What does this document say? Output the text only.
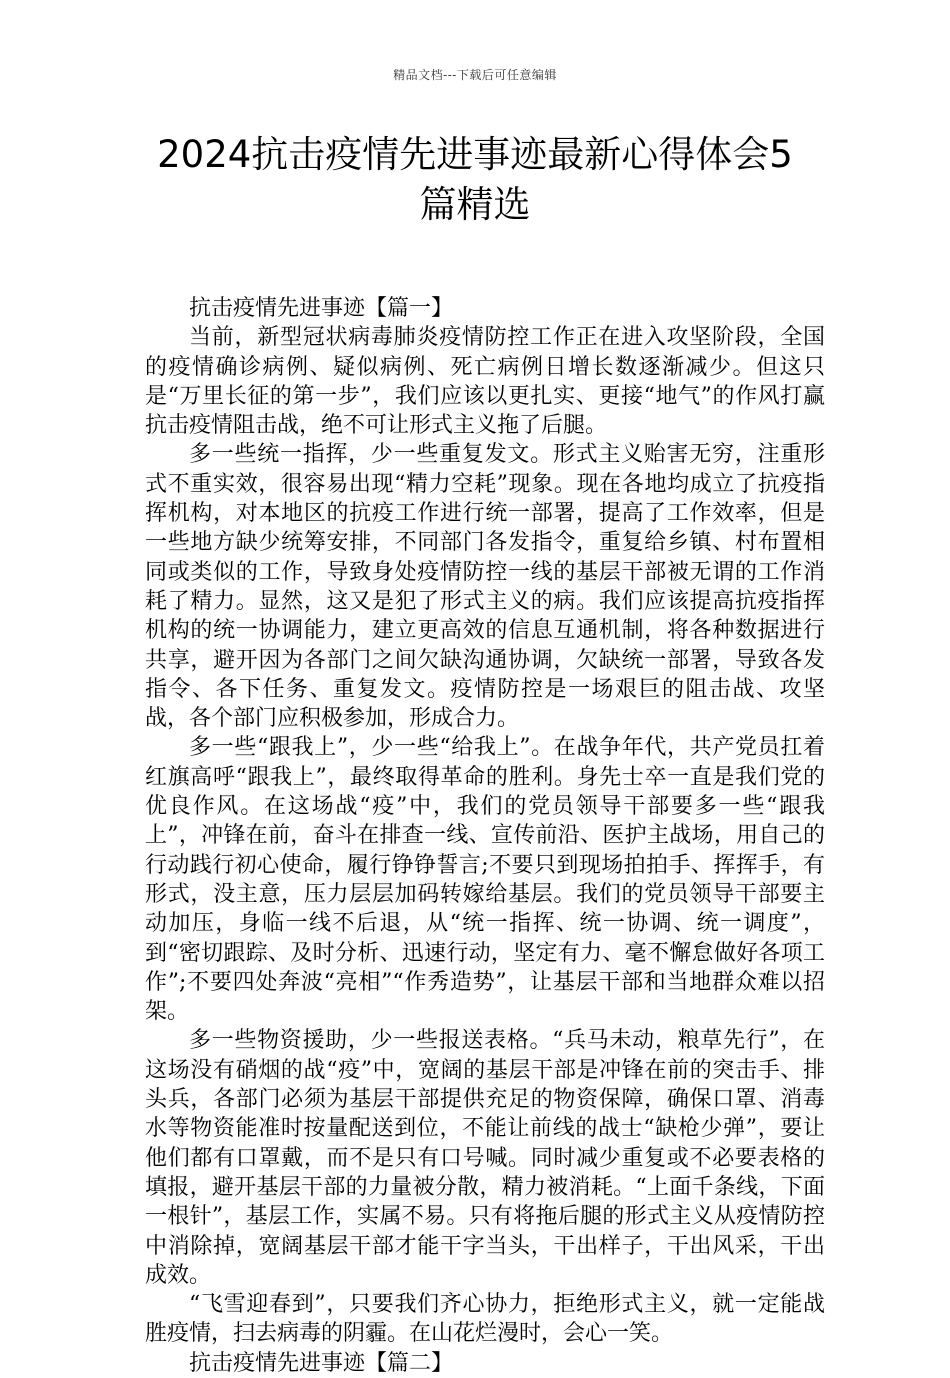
精品文档---下载后可任意编辑
2024抗击疫情先进事迹最新心得体会5篇精选

抗击疫情先进事迹【篇一】

当前，新型冠状病毒肺炎疫情防控工作正在进入攻坚阶段，全国的疫情确诊病例、疑似病例、死亡病例日增长数逐渐减少。但这只是“万里长征的第一步”，我们应该以更扎实、更接“地气”的作风打赢抗击疫情阻击战，绝不可让形式主义拖了后腿。

多一些统一指挥，少一些重复发文。形式主义贻害无穷，注重形式不重实效，很容易出现“精力空耗”现象。现在各地均成立了抗疫指挥机构，对本地区的抗疫工作进行统一部署，提高了工作效率，但是一些地方缺少统筹安排，不同部门各发指令，重复给乡镇、村布置相同或类似的工作，导致身处疫情防控一线的基层干部被无谓的工作消耗了精力。显然，这又是犯了形式主义的病。我们应该提高抗疫指挥机构的统一协调能力，建立更高效的信息互通机制，将各种数据进行共享，避开因为各部门之间欠缺沟通协调，欠缺统一部署，导致各发指令、各下任务、重复发文。疫情防控是一场艰巨的阻击战、攻坚战，各个部门应积极参加，形成合力。

多一些“跟我上”，少一些“给我上”。在战争年代，共产党员扛着红旗高呼“跟我上”，最终取得革命的胜利。身先士卒一直是我们党的优良作风。在这场战“疫”中，我们的党员领导干部要多一些“跟我上”，冲锋在前，奋斗在排查一线、宣传前沿、医护主战场，用自己的行动践行初心使命，履行铮铮誓言;不要只到现场拍拍手、挥挥手，有形式，没主意，压力层层加码转嫁给基层。我们的党员领导干部要主动加压，身临一线不后退，从“统一指挥、统一协调、统一调度”，到“密切跟踪、及时分析、迅速行动，坚定有力、毫不懈怠做好各项工作”;不要四处奔波“亮相”“作秀造势”，让基层干部和当地群众难以招架。

多一些物资援助，少一些报送表格。“兵马未动，粮草先行”，在这场没有硝烟的战“疫”中，宽阔的基层干部是冲锋在前的突击手、排头兵，各部门必须为基层干部提供充足的物资保障，确保口罩、消毒水等物资能准时按量配送到位，不能让前线的战士“缺枪少弹”，要让他们都有口罩戴，而不是只有口号喊。同时减少重复或不必要表格的填报，避开基层干部的力量被分散，精力被消耗。“上面千条线，下面一根针”，基层工作，实属不易。只有将拖后腿的形式主义从疫情防控中消除掉，宽阔基层干部才能干字当头，干出样子，干出风采，干出成效。

“飞雪迎春到”，只要我们齐心协力，拒绝形式主义，就一定能战胜疫情，扫去病毒的阴霾。在山花烂漫时，会心一笑。

抗击疫情先进事迹【篇二】
